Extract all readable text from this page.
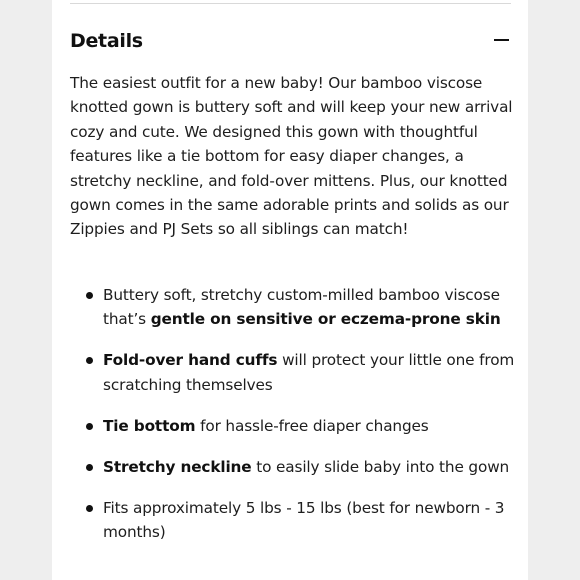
Details

The easiest outfit for a new baby! Our bamboo viscose knotted gown is buttery soft and will keep your new arrival cozy and cute. We designed this gown with thoughtful features like a tie bottom for easy diaper changes, a stretchy neckline, and fold-over mittens. Plus, our knotted gown comes in the same adorable prints and solids as our Zippies and PJ Sets so all siblings can match!

Buttery soft, stretchy custom-milled bamboo viscose that’s gentle on sensitive or eczema-prone skin
Fold-over hand cuffs will protect your little one from scratching themselves
Tie bottom for hassle-free diaper changes
Stretchy neckline to easily slide baby into the gown
Fits approximately 5 lbs - 15 lbs (best for newborn - 3 months)
